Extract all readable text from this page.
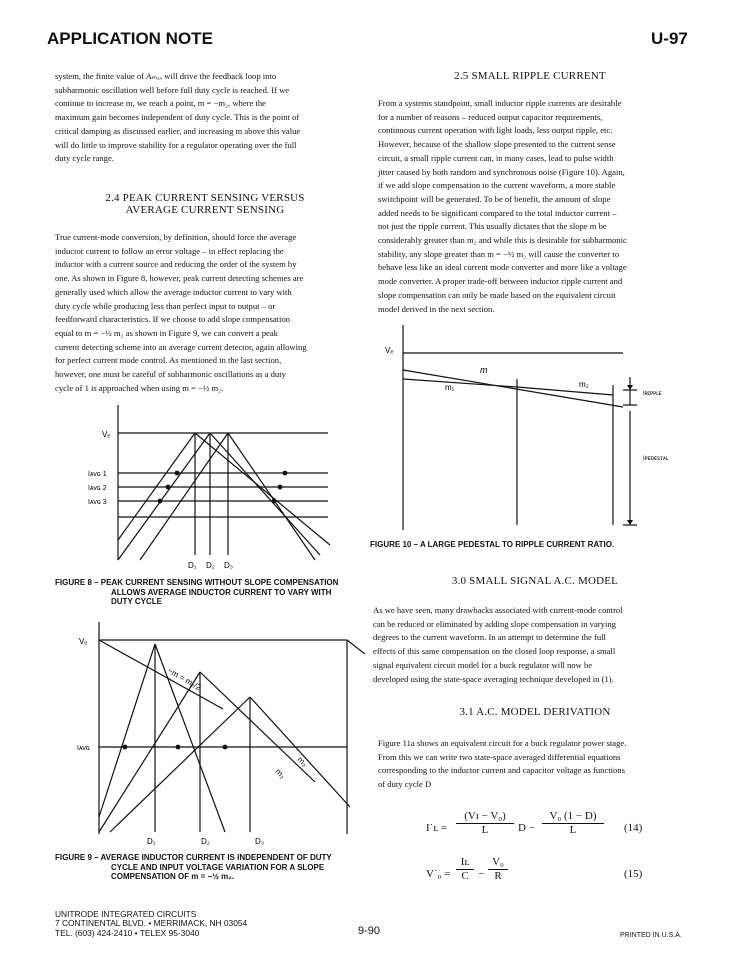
APPLICATION NOTE	U-97
system, the finite value of Aₘₐₓ will drive the feedback loop into
subharmonic oscillation well before full duty cycle is reached. If we
continue to increase m, we reach a point, m = −m₂, where the
maximum gain becomes independent of duty cycle. This is the point of
critical damping as discussed earlier, and increasing m above this value
will do little to improve stability for a regulator operating over the full
duty cycle range.
2.4 PEAK CURRENT SENSING VERSUS
AVERAGE CURRENT SENSING
True current-mode conversion, by definition, should force the average
inductor current to follow an error voltage – in effect replacing the
inductor with a current source and reducing the order of the system by
one. As shown in Figure 8, however, peak current detecting schemes are
generally used which allow the average inductor current to vary with
duty cycle while producing less than perfect input to output – or
feedforward characteristics. If we choose to add slope compensation
equal to m = −½ m₂ as shown in Figure 9, we can convert a peak
current detecting scheme into an average current detector, again allowing
for perfect current mode control. As mentioned in the last section,
however, one must be careful of subharmonic oscillations as a duty
cycle of 1 is approached when using m = −½ m₂.
Vₑ
Iᴀᴠɢ 1
Iᴀᴠɢ 2
Iᴀᴠɢ 3
D₁ D₂ D₃
FIGURE 8 – PEAK CURRENT SENSING WITHOUT SLOPE COMPENSATION
ALLOWS AVERAGE INDUCTOR CURRENT TO VARY WITH
DUTY CYCLE
Vₑ
−m = m₂/2
Iᴀᴠɢ
m₂
m₂
D₁	D₂	D₃
FIGURE 9 – AVERAGE INDUCTOR CURRENT IS INDEPENDENT OF DUTY
CYCLE AND INPUT VOLTAGE VARIATION FOR A SLOPE
COMPENSATION OF m = −½ m₂.
2.5 SMALL RIPPLE CURRENT
From a systems standpoint, small inductor ripple currents are desirable
for a number of reasons – reduced output capacitor requirements,
continuous current operation with light loads, less output ripple, etc.
However, because of the shallow slope presented to the current sense
circuit, a small ripple current can, in many cases, lead to pulse width
jitter caused by both random and synchronous noise (Figure 10). Again,
if we add slope compensation to the current waveform, a more stable
switchpoint will be generated. To be of benefit, the amount of slope
added needs to be significant compared to the total inductor current –
not just the ripple current. This usually dictates that the slope m be
considerably greater than m₂ and while this is desirable for subharmonic
stability, any slope greater than m = −½ m₂ will cause the converter to
behave less like an ideal current mode converter and more like a voltage
mode converter. A proper trade-off between inductor ripple current and
slope compensation can only be made based on the equivalent circuit
model derived in the next section.
Vₑ
m
m₁	m₂
Iʀɪᴘᴘʟᴇ
Iᴘᴇᴅᴇꜱᴛᴀʟ
FIGURE 10 – A LARGE PEDESTAL TO RIPPLE CURRENT RATIO.
3.0 SMALL SIGNAL A.C. MODEL
As we have seen, many drawbacks associated with current-mode control
can be reduced or eliminated by adding slope compensation in varying
degrees to the current waveform. In an attempt to determine the full
effects of this same compensation on the closed loop response, a small
signal equivalent circuit model for a buck regulator will now be
developed using the state-space averaging technique developed in (1).
3.1 A.C. MODEL DERIVATION
Figure 11a shows an equivalent circuit for a buck regulator power stage.
From this we can write two state-space averaged differential equations
corresponding to the inductor current and capacitor voltage as functions
of duty cycle D
I˙ʟ = $\frac{\text{(Vɪ − V₀)}}{L}$ $D - \frac{\text{V₀ (1 − D)}}{L} (14)$
V˙₀ = $\frac{\text{Iʟ}}{C} - \frac{\text{V₀}}{R}$	(15)
UNITRODE INTEGRATED CIRCUITS
7 CONTINENTAL BLVD. • MERRIMACK, NH 03054
TEL. (603) 424-2410 • TELEX 95-3040	9-90	PRINTED IN U.S.A.
